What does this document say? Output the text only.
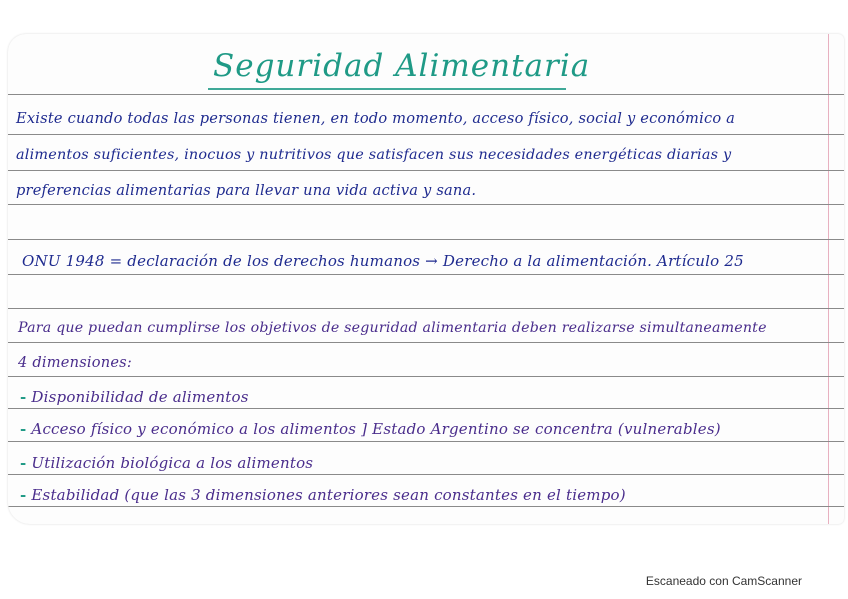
Seguridad Alimentaria
Existe cuando todas las personas tienen, en todo momento, acceso físico, social y económico a
alimentos suficientes, inocuos y nutritivos que satisfacen sus necesidades energéticas diarias y
preferencias alimentarias para llevar una vida activa y sana.
ONU 1948 = declaración de los derechos humanos → Derecho a la alimentación. Artículo 25
Para que puedan cumplirse los objetivos de seguridad alimentaria deben realizarse simultaneamente
4 dimensiones:
- Disponibilidad de alimentos
- Acceso físico y económico a los alimentos ] Estado Argentino se concentra (vulnerables)
- Utilización biológica a los alimentos
- Estabilidad (que las 3 dimensiones anteriores sean constantes en el tiempo)
Escaneado con CamScanner
